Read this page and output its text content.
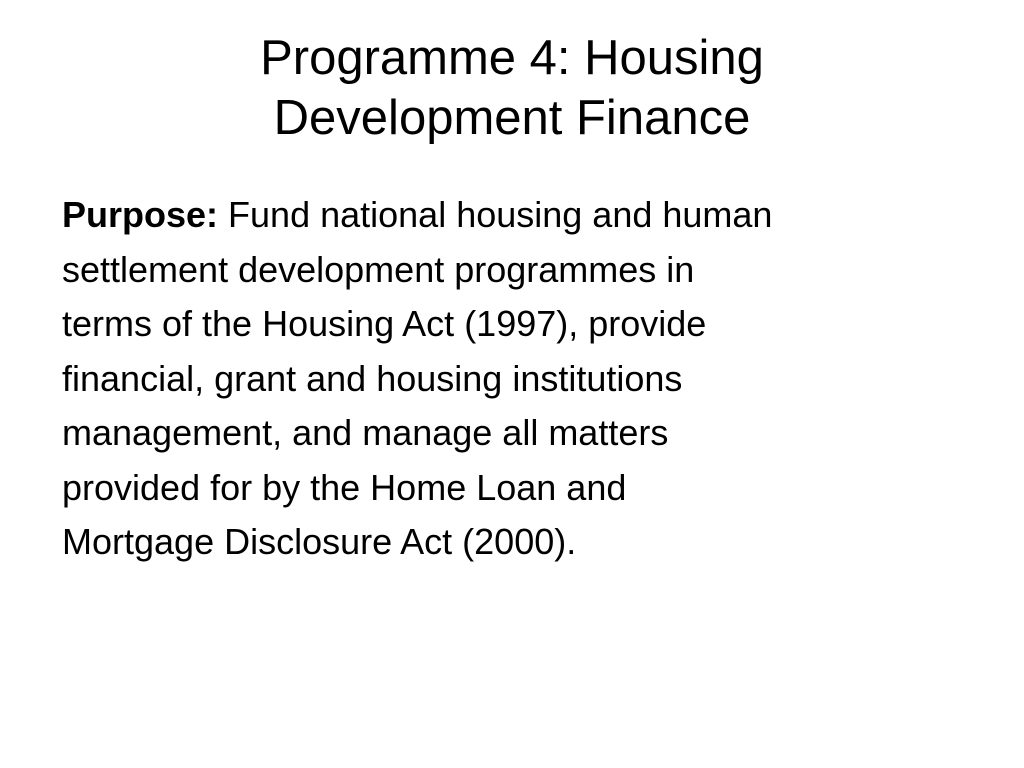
Programme 4: Housing
Development Finance
Purpose: Fund national housing and human
settlement development programmes in
terms of the Housing Act (1997), provide
financial, grant and housing institutions
management, and manage all matters
provided for by the Home Loan and
Mortgage Disclosure Act (2000).
